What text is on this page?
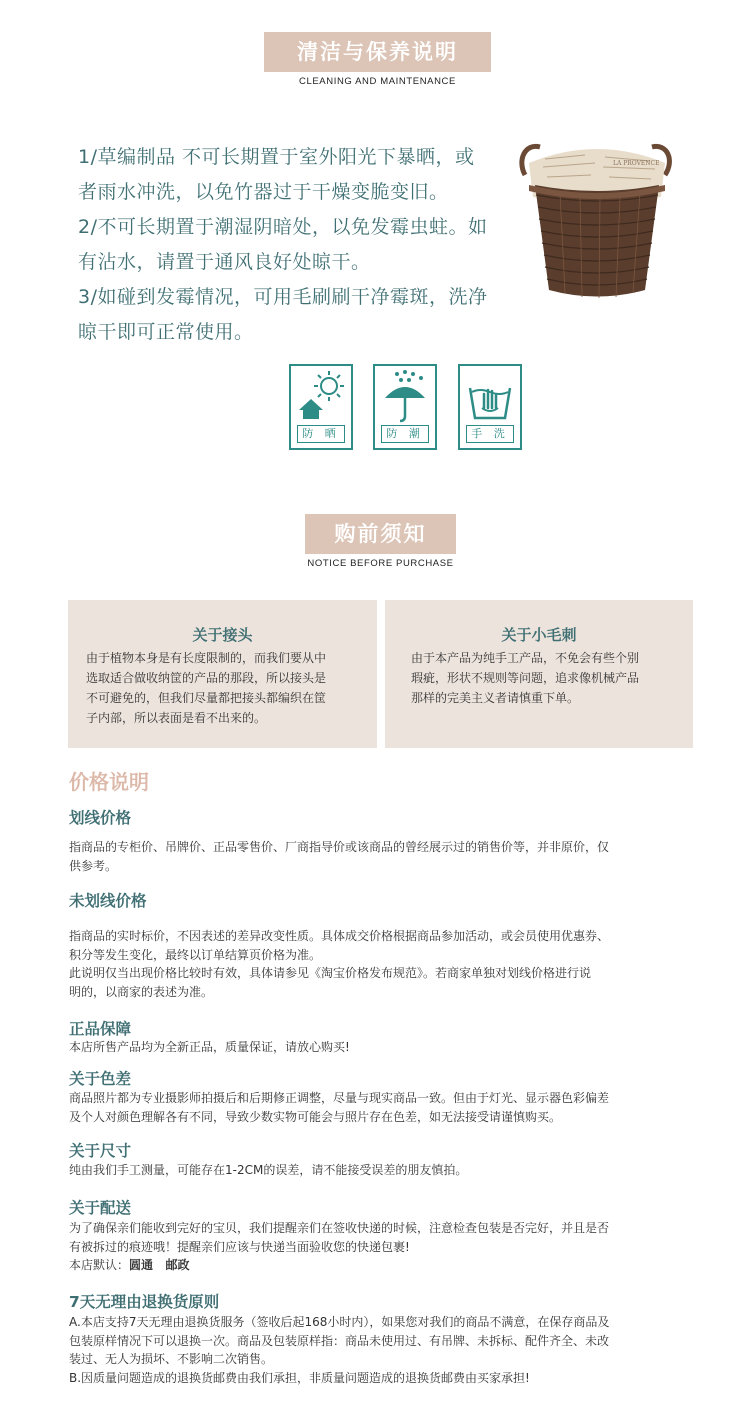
清洁与保养说明
CLEANING AND MAINTENANCE
1/草编制品 不可长期置于室外阳光下暴晒，或
者雨水冲洗，以免竹器过于干燥变脆变旧。
2/不可长期置于潮湿阴暗处，以免发霉虫蛀。如
有沾水，请置于通风良好处晾干。
3/如碰到发霉情况，可用毛刷刷干净霉斑，洗净
晾干即可正常使用。
LA PROVENCE
防 晒	防 潮	手 洗
购前须知
NOTICE BEFORE PURCHASE
关于接头

由于植物本身是有长度限制的，而我们要从中

选取适合做收纳筐的产品的那段，所以接头是

不可避免的，但我们尽量都把接头都编织在筐

子内部，所以表面是看不出来的。

关于小毛刺

由于本产品为纯手工产品，不免会有些个别

瑕疵，形状不规则等问题，追求像机械产品

那样的完美主义者请慎重下单。

价格说明
划线价格

指商品的专柜价、吊牌价、正品零售价、厂商指导价或该商品的曾经展示过的销售价等，并非原价，仅

供参考。

未划线价格

指商品的实时标价，不因表述的差异改变性质。具体成交价格根据商品参加活动，或会员使用优惠券、

积分等发生变化，最终以订单结算页价格为准。

此说明仅当出现价格比较时有效，具体请参见《淘宝价格发布规范》。若商家单独对划线价格进行说

明的，以商家的表述为准。

正品保障

本店所售产品均为全新正品，质量保证，请放心购买!

关于色差

商品照片都为专业摄影师拍摄后和后期修正调整，尽量与现实商品一致。但由于灯光、显示器色彩偏差

及个人对颜色理解各有不同，导致少数实物可能会与照片存在色差，如无法接受请谨慎购买。

关于尺寸

纯由我们手工测量，可能存在1-2CM的误差，请不能接受误差的朋友慎拍。

关于配送

为了确保亲们能收到完好的宝贝，我们提醒亲们在签收快递的时候，注意检查包装是否完好，并且是否

有被拆过的痕迹哦！提醒亲们应该与快递当面验收您的快递包裹!

本店默认：圆通   邮政

7天无理由退换货原则

A.本店支持7天无理由退换货服务（签收后起168小时内），如果您对我们的商品不满意，在保存商品及

包装原样情况下可以退换一次。商品及包装原样指：商品未使用过、有吊牌、未拆标、配件齐全、未改

装过、无人为损坏、不影响二次销售。

B.因质量问题造成的退换货邮费由我们承担，非质量问题造成的退换货邮费由买家承担!
